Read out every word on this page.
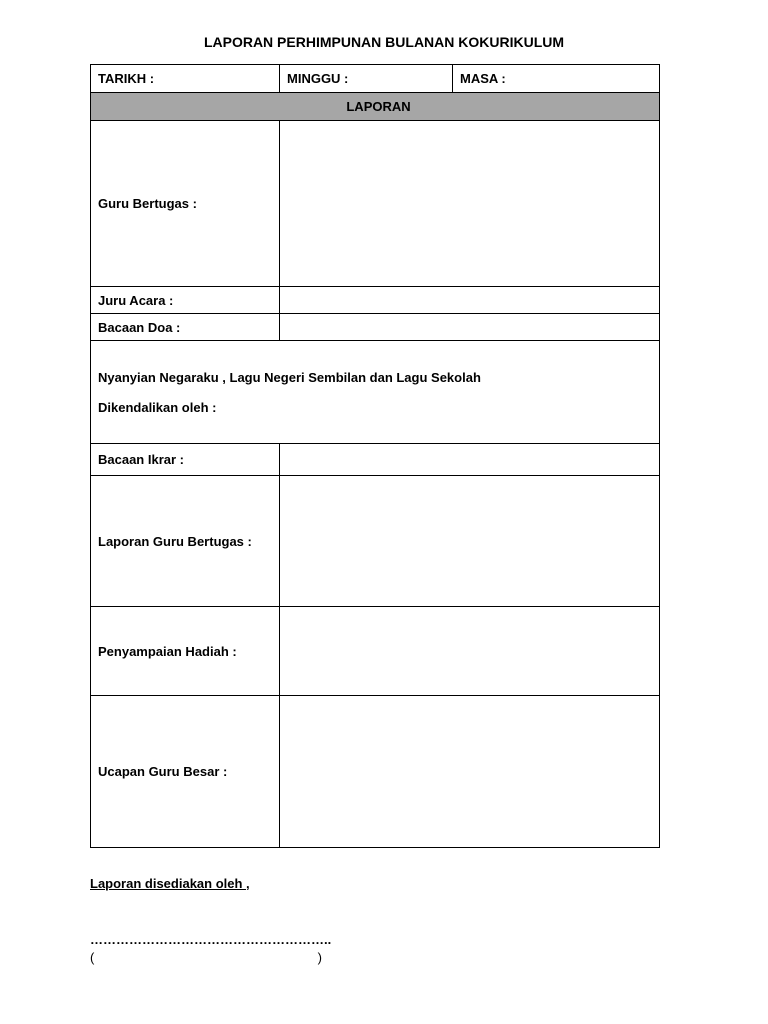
LAPORAN PERHIMPUNAN BULANAN KOKURIKULUM
TARIKH :	MINGGU :	MASA :
LAPORAN		
Guru Bertugas :		
Juru Acara :		
Bacaan Doa :		
Nyanyian Negaraku , Lagu Negeri Sembilan dan Lagu Sekolah
Dikendalikan oleh :		

Bacaan Ikrar :		
Laporan Guru Bertugas :		
Penyampaian Hadiah :		
Ucapan Guru Besar :		
Laporan disediakan oleh ,
………………………………………………..
(	)
